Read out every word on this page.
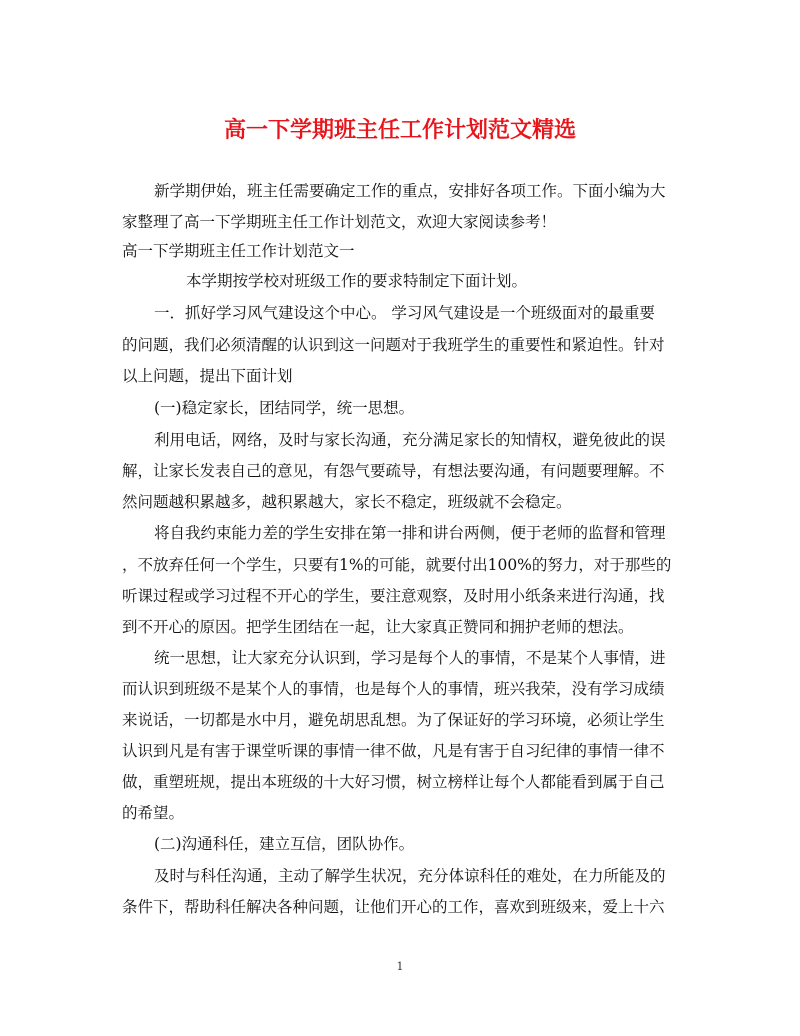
高一下学期班主任工作计划范文精选
新学期伊始，班主任需要确定工作的重点，安排好各项工作。下面小编为大
家整理了高一下学期班主任工作计划范文，欢迎大家阅读参考！
高一下学期班主任工作计划范文一
本学期按学校对班级工作的要求特制定下面计划。
一．抓好学习风气建设这个中心。 学习风气建设是一个班级面对的最重要
的问题，我们必须清醒的认识到这一问题对于我班学生的重要性和紧迫性。针对
以上问题，提出下面计划
(一)稳定家长，团结同学，统一思想。
利用电话，网络，及时与家长沟通，充分满足家长的知情权，避免彼此的误
解，让家长发表自己的意见，有怨气要疏导，有想法要沟通，有问题要理解。不
然问题越积累越多，越积累越大，家长不稳定，班级就不会稳定。
将自我约束能力差的学生安排在第一排和讲台两侧，便于老师的监督和管理
，不放弃任何一个学生，只要有1%的可能，就要付出100%的努力，对于那些的
听课过程或学习过程不开心的学生，要注意观察，及时用小纸条来进行沟通，找
到不开心的原因。把学生团结在一起，让大家真正赞同和拥护老师的想法。
统一思想，让大家充分认识到，学习是每个人的事情，不是某个人事情，进
而认识到班级不是某个人的事情，也是每个人的事情，班兴我荣，没有学习成绩
来说话，一切都是水中月，避免胡思乱想。为了保证好的学习环境，必须让学生
认识到凡是有害于课堂听课的事情一律不做，凡是有害于自习纪律的事情一律不
做，重塑班规，提出本班级的十大好习惯，树立榜样让每个人都能看到属于自己
的希望。
(二)沟通科任，建立互信，团队协作。
及时与科任沟通，主动了解学生状况，充分体谅科任的难处，在力所能及的
条件下，帮助科任解决各种问题，让他们开心的工作，喜欢到班级来，爱上十六
1
